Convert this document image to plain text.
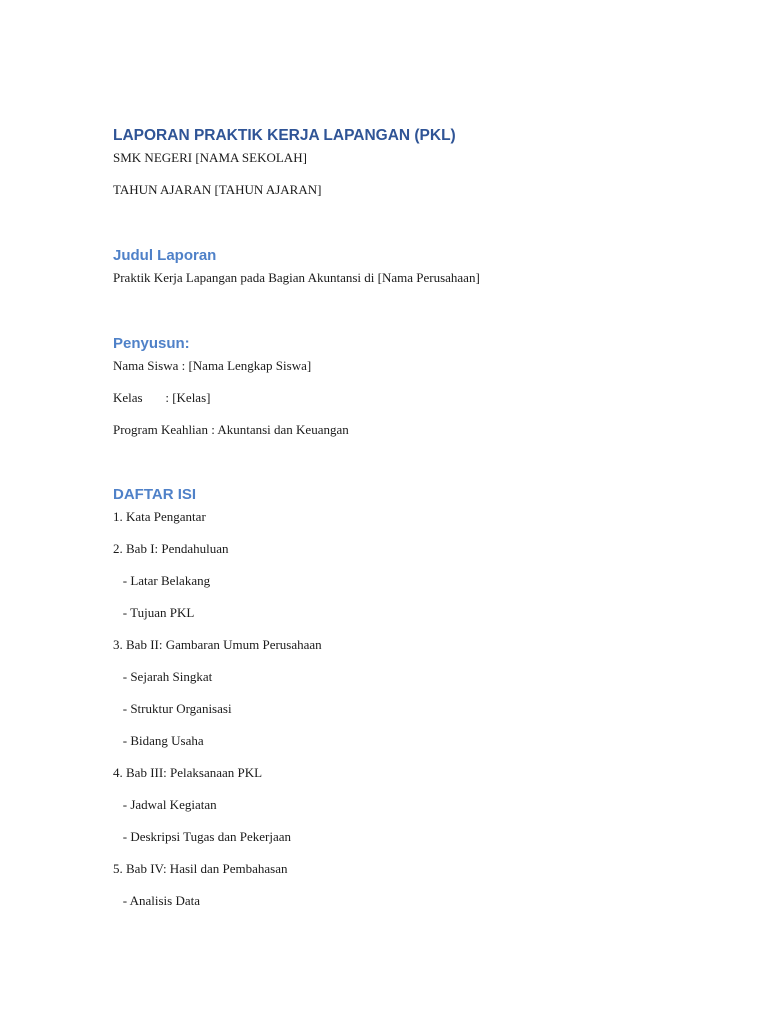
LAPORAN PRAKTIK KERJA LAPANGAN (PKL)

SMK NEGERI [NAMA SEKOLAH]

TAHUN AJARAN [TAHUN AJARAN]

Judul Laporan

Praktik Kerja Lapangan pada Bagian Akuntansi di [Nama Perusahaan]

Penyusun:

Nama Siswa : [Nama Lengkap Siswa]

Kelas       : [Kelas]

Program Keahlian : Akuntansi dan Keuangan

DAFTAR ISI

1. Kata Pengantar

2. Bab I: Pendahuluan

- Latar Belakang

- Tujuan PKL

3. Bab II: Gambaran Umum Perusahaan

- Sejarah Singkat

- Struktur Organisasi

- Bidang Usaha

4. Bab III: Pelaksanaan PKL

- Jadwal Kegiatan

- Deskripsi Tugas dan Pekerjaan

5. Bab IV: Hasil dan Pembahasan

- Analisis Data
